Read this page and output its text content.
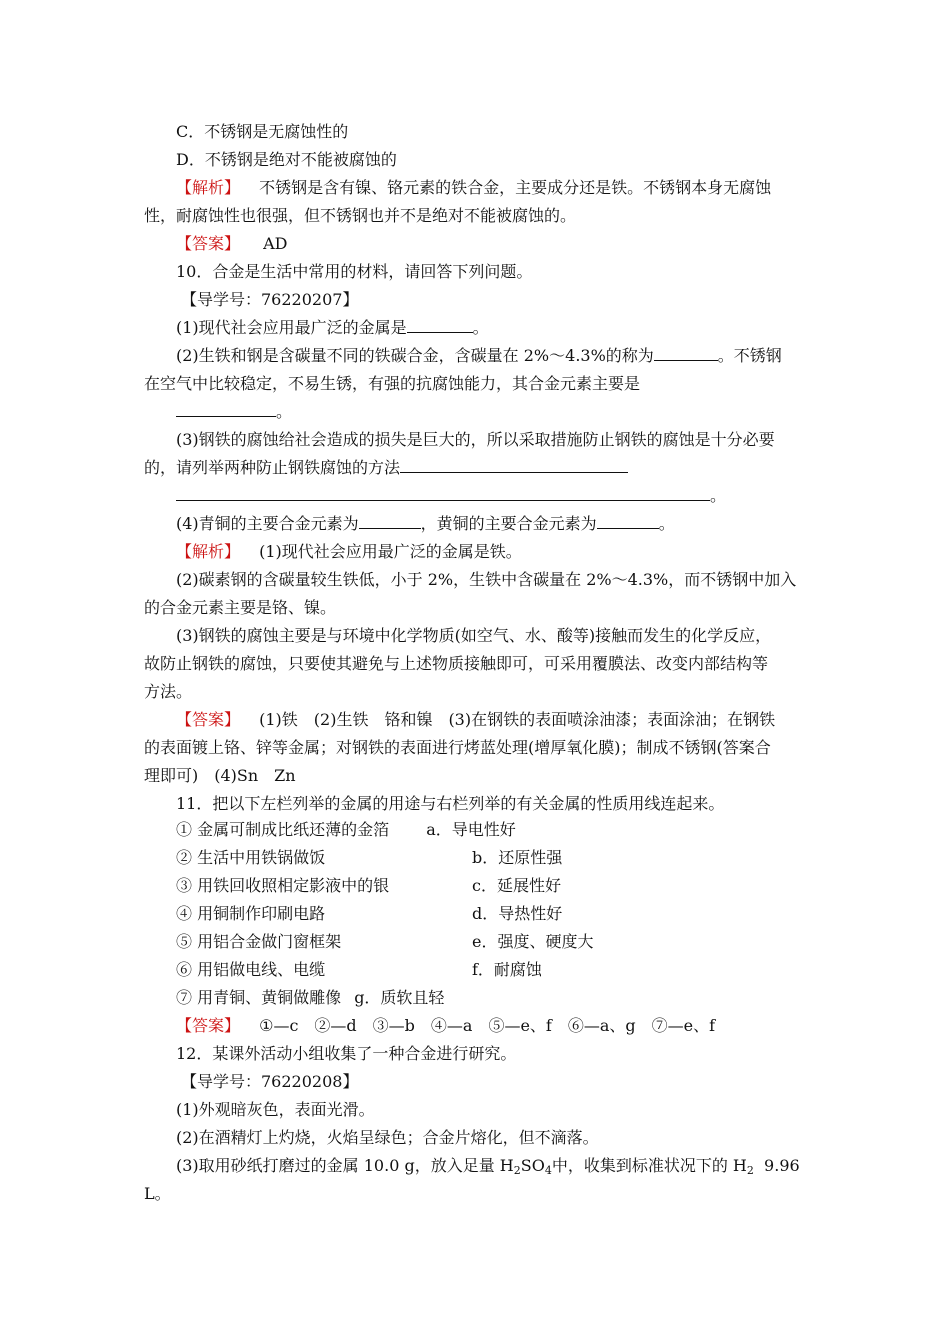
C．不锈钢是无腐蚀性的
D．不锈钢是绝对不能被腐蚀的
【解析】 不锈钢是含有镍、铬元素的铁合金，主要成分还是铁。不锈钢本身无腐蚀
性，耐腐蚀性也很强，但不锈钢也并不是绝对不能被腐蚀的。
【答案】 AD
10．合金是生活中常用的材料，请回答下列问题。
【导学号：76220207】
(1)现代社会应用最广泛的金属是	。
(2)生铁和钢是含碳量不同的铁碳合金，含碳量在 2%～4.3%的称为	。不锈钢
在空气中比较稳定，不易生锈，有强的抗腐蚀能力，其合金元素主要是
。
(3)钢铁的腐蚀给社会造成的损失是巨大的，所以采取措施防止钢铁的腐蚀是十分必要
的，请列举两种防止钢铁腐蚀的方法
。
(4)青铜的主要合金元素为	，黄铜的主要合金元素为	。
【解析】 (1)现代社会应用最广泛的金属是铁。
(2)碳素钢的含碳量较生铁低，小于 2%，生铁中含碳量在 2%～4.3%，而不锈钢中加入
的合金元素主要是铬、镍。
(3)钢铁的腐蚀主要是与环境中化学物质(如空气、水、酸等)接触而发生的化学反应，
故防止钢铁的腐蚀，只要使其避免与上述物质接触即可，可采用覆膜法、改变内部结构等
方法。
【答案】 (1)铁　(2)生铁　铬和镍　(3)在钢铁的表面喷涂油漆；表面涂油；在钢铁
的表面镀上铬、锌等金属；对钢铁的表面进行烤蓝处理(增厚氧化膜)；制成不锈钢(答案合
理即可)　(4)Sn　Zn
11．把以下左栏列举的金属的用途与右栏列举的有关金属的性质用线连起来。
① 金属可制成比纸还薄的金箔 a．导电性好
② 生活中用铁锅做饭	b．还原性强
③ 用铁回收照相定影液中的银	c．延展性好
④ 用铜制作印刷电路	d．导热性好
⑤ 用铝合金做门窗框架	e．强度、硬度大
⑥ 用铝做电线、电缆	f．耐腐蚀
⑦ 用青铜、黄铜做雕像 g．质软且轻
【答案】 ①—c　②—d　③—b　④—a　⑤—e、f　⑥—a、g　⑦—e、f
12．某课外活动小组收集了一种合金进行研究。
【导学号：76220208】
(1)外观暗灰色，表面光滑。
(2)在酒精灯上灼烧，火焰呈绿色；合金片熔化，但不滴落。
(3)取用砂纸打磨过的金属 10.0 g，放入足量 $H_2SO_4$中，收集到标准状况下的 $H_2$  9.96
L。
